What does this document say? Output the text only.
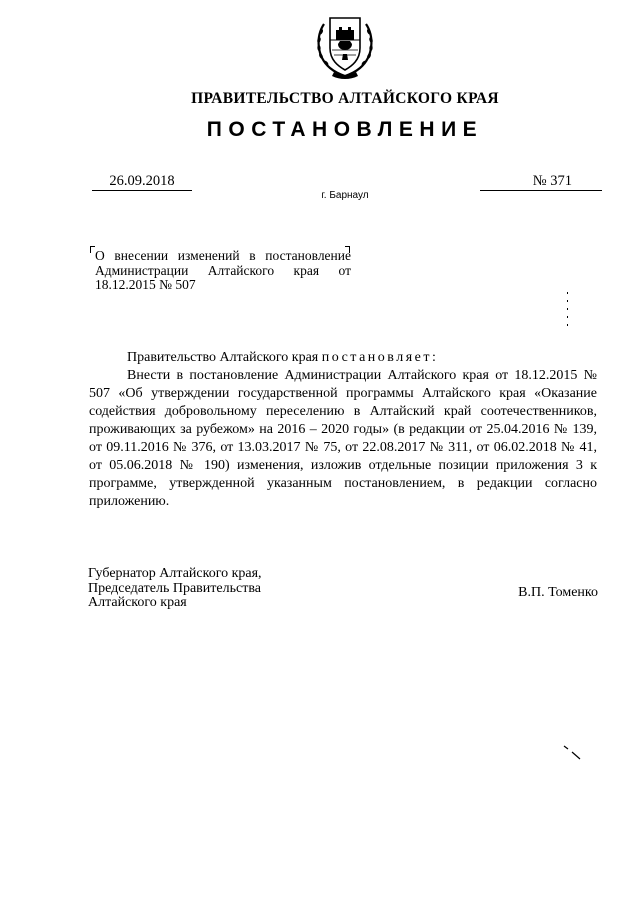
ПРАВИТЕЛЬСТВО АЛТАЙСКОГО КРАЯ
ПОСТАНОВЛЕНИЕ
26.09.2018	№ 371
г. Барнаул
О внесении изменений в постановление Администрации Алтайского края от 18.12.2015 № 507

Правительство Алтайского края постановляет:

Внести в постановление Администрации Алтайского края от 18.12.2015 № 507 «Об утверждении государственной программы Алтайского края «Оказание содействия добровольному переселению в Алтайский край соотечественников, проживающих за рубежом» на 2016 – 2020 годы» (в редакции от 25.04.2016 № 139, от 09.11.2016 № 376, от 13.03.2017 № 75, от 22.08.2017 № 311, от 06.02.2018 № 41, от 05.06.2018 № 190) изменения, изложив отдельные позиции приложения 3 к программе, утвержденной указанным постановлением, в редакции согласно приложению.

Губернатор Алтайского края,
Председатель Правительства
Алтайского края
В.П. Томенко
